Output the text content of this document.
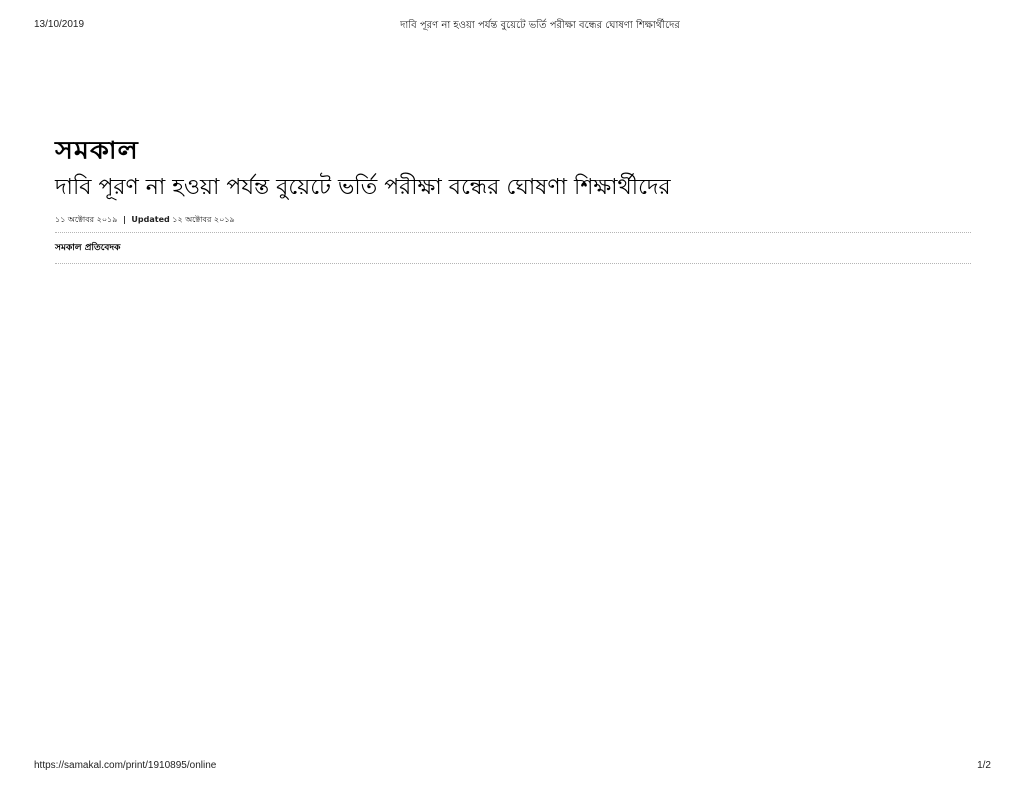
13/10/2019	দাবি পূরণ না হওয়া পর্যন্ত বুয়েটে ভর্তি পরীক্ষা বন্ধের ঘোষণা শিক্ষার্থীদের
সমকাল
দাবি পূরণ না হওয়া পর্যন্ত বুয়েটে ভর্তি পরীক্ষা বন্ধের ঘোষণা শিক্ষার্থীদের
১১ অক্টোবর ২০১৯ | Updated ১২ অক্টোবর ২০১৯
সমকাল প্রতিবেদক
https://samakal.com/print/1910895/online	1/2
